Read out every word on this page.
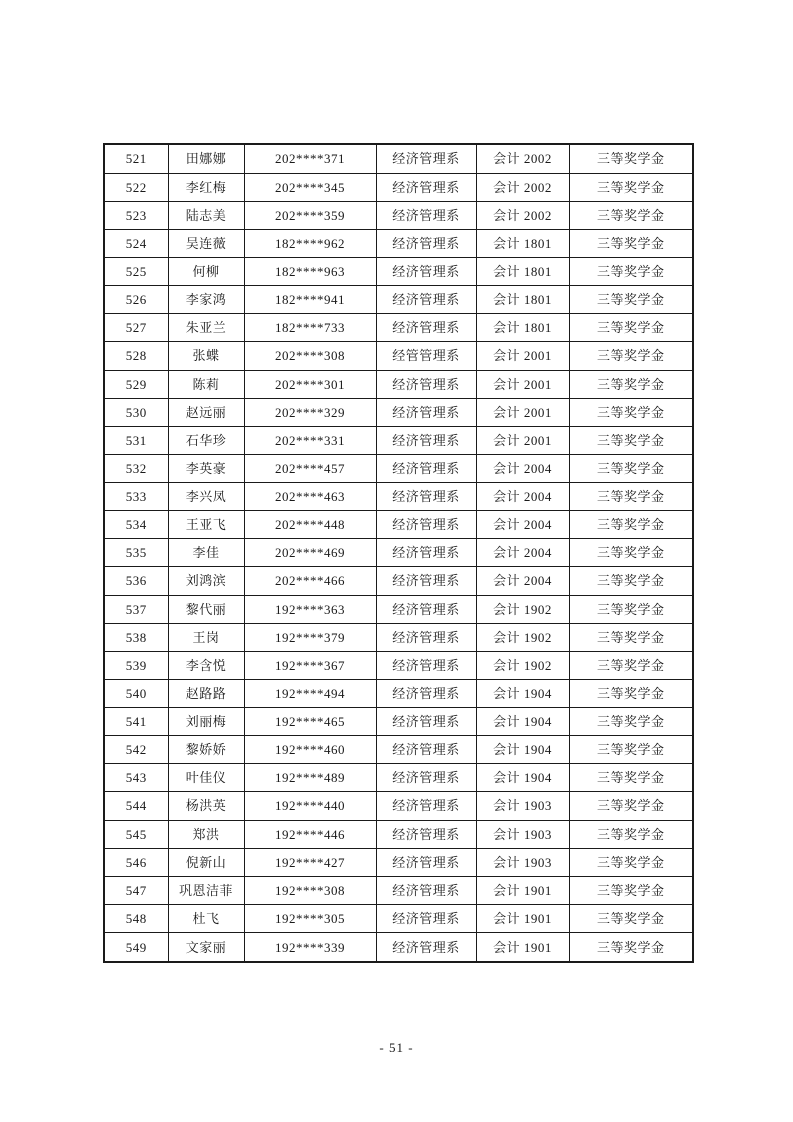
521	田娜娜	202****371	经济管理系	会计 2002	三等奖学金
522	李红梅	202****345	经济管理系	会计 2002	三等奖学金
523	陆志美	202****359	经济管理系	会计 2002	三等奖学金
524	吴连薇	182****962	经济管理系	会计 1801	三等奖学金
525	何柳	182****963	经济管理系	会计 1801	三等奖学金
526	李家鸿	182****941	经济管理系	会计 1801	三等奖学金
527	朱亚兰	182****733	经济管理系	会计 1801	三等奖学金
528	张蝶	202****308	经管管理系	会计 2001	三等奖学金
529	陈莉	202****301	经济管理系	会计 2001	三等奖学金
530	赵远丽	202****329	经济管理系	会计 2001	三等奖学金
531	石华珍	202****331	经济管理系	会计 2001	三等奖学金
532	李英豪	202****457	经济管理系	会计 2004	三等奖学金
533	李兴凤	202****463	经济管理系	会计 2004	三等奖学金
534	王亚飞	202****448	经济管理系	会计 2004	三等奖学金
535	李佳	202****469	经济管理系	会计 2004	三等奖学金
536	刘鸿滨	202****466	经济管理系	会计 2004	三等奖学金
537	黎代丽	192****363	经济管理系	会计 1902	三等奖学金
538	王岗	192****379	经济管理系	会计 1902	三等奖学金
539	李含悦	192****367	经济管理系	会计 1902	三等奖学金
540	赵路路	192****494	经济管理系	会计 1904	三等奖学金
541	刘丽梅	192****465	经济管理系	会计 1904	三等奖学金
542	黎娇娇	192****460	经济管理系	会计 1904	三等奖学金
543	叶佳仪	192****489	经济管理系	会计 1904	三等奖学金
544	杨洪英	192****440	经济管理系	会计 1903	三等奖学金
545	郑洪	192****446	经济管理系	会计 1903	三等奖学金
546	倪新山	192****427	经济管理系	会计 1903	三等奖学金
547	巩恩洁菲	192****308	经济管理系	会计 1901	三等奖学金
548	杜飞	192****305	经济管理系	会计 1901	三等奖学金
549	文家丽	192****339	经济管理系	会计 1901	三等奖学金
- 51 -
